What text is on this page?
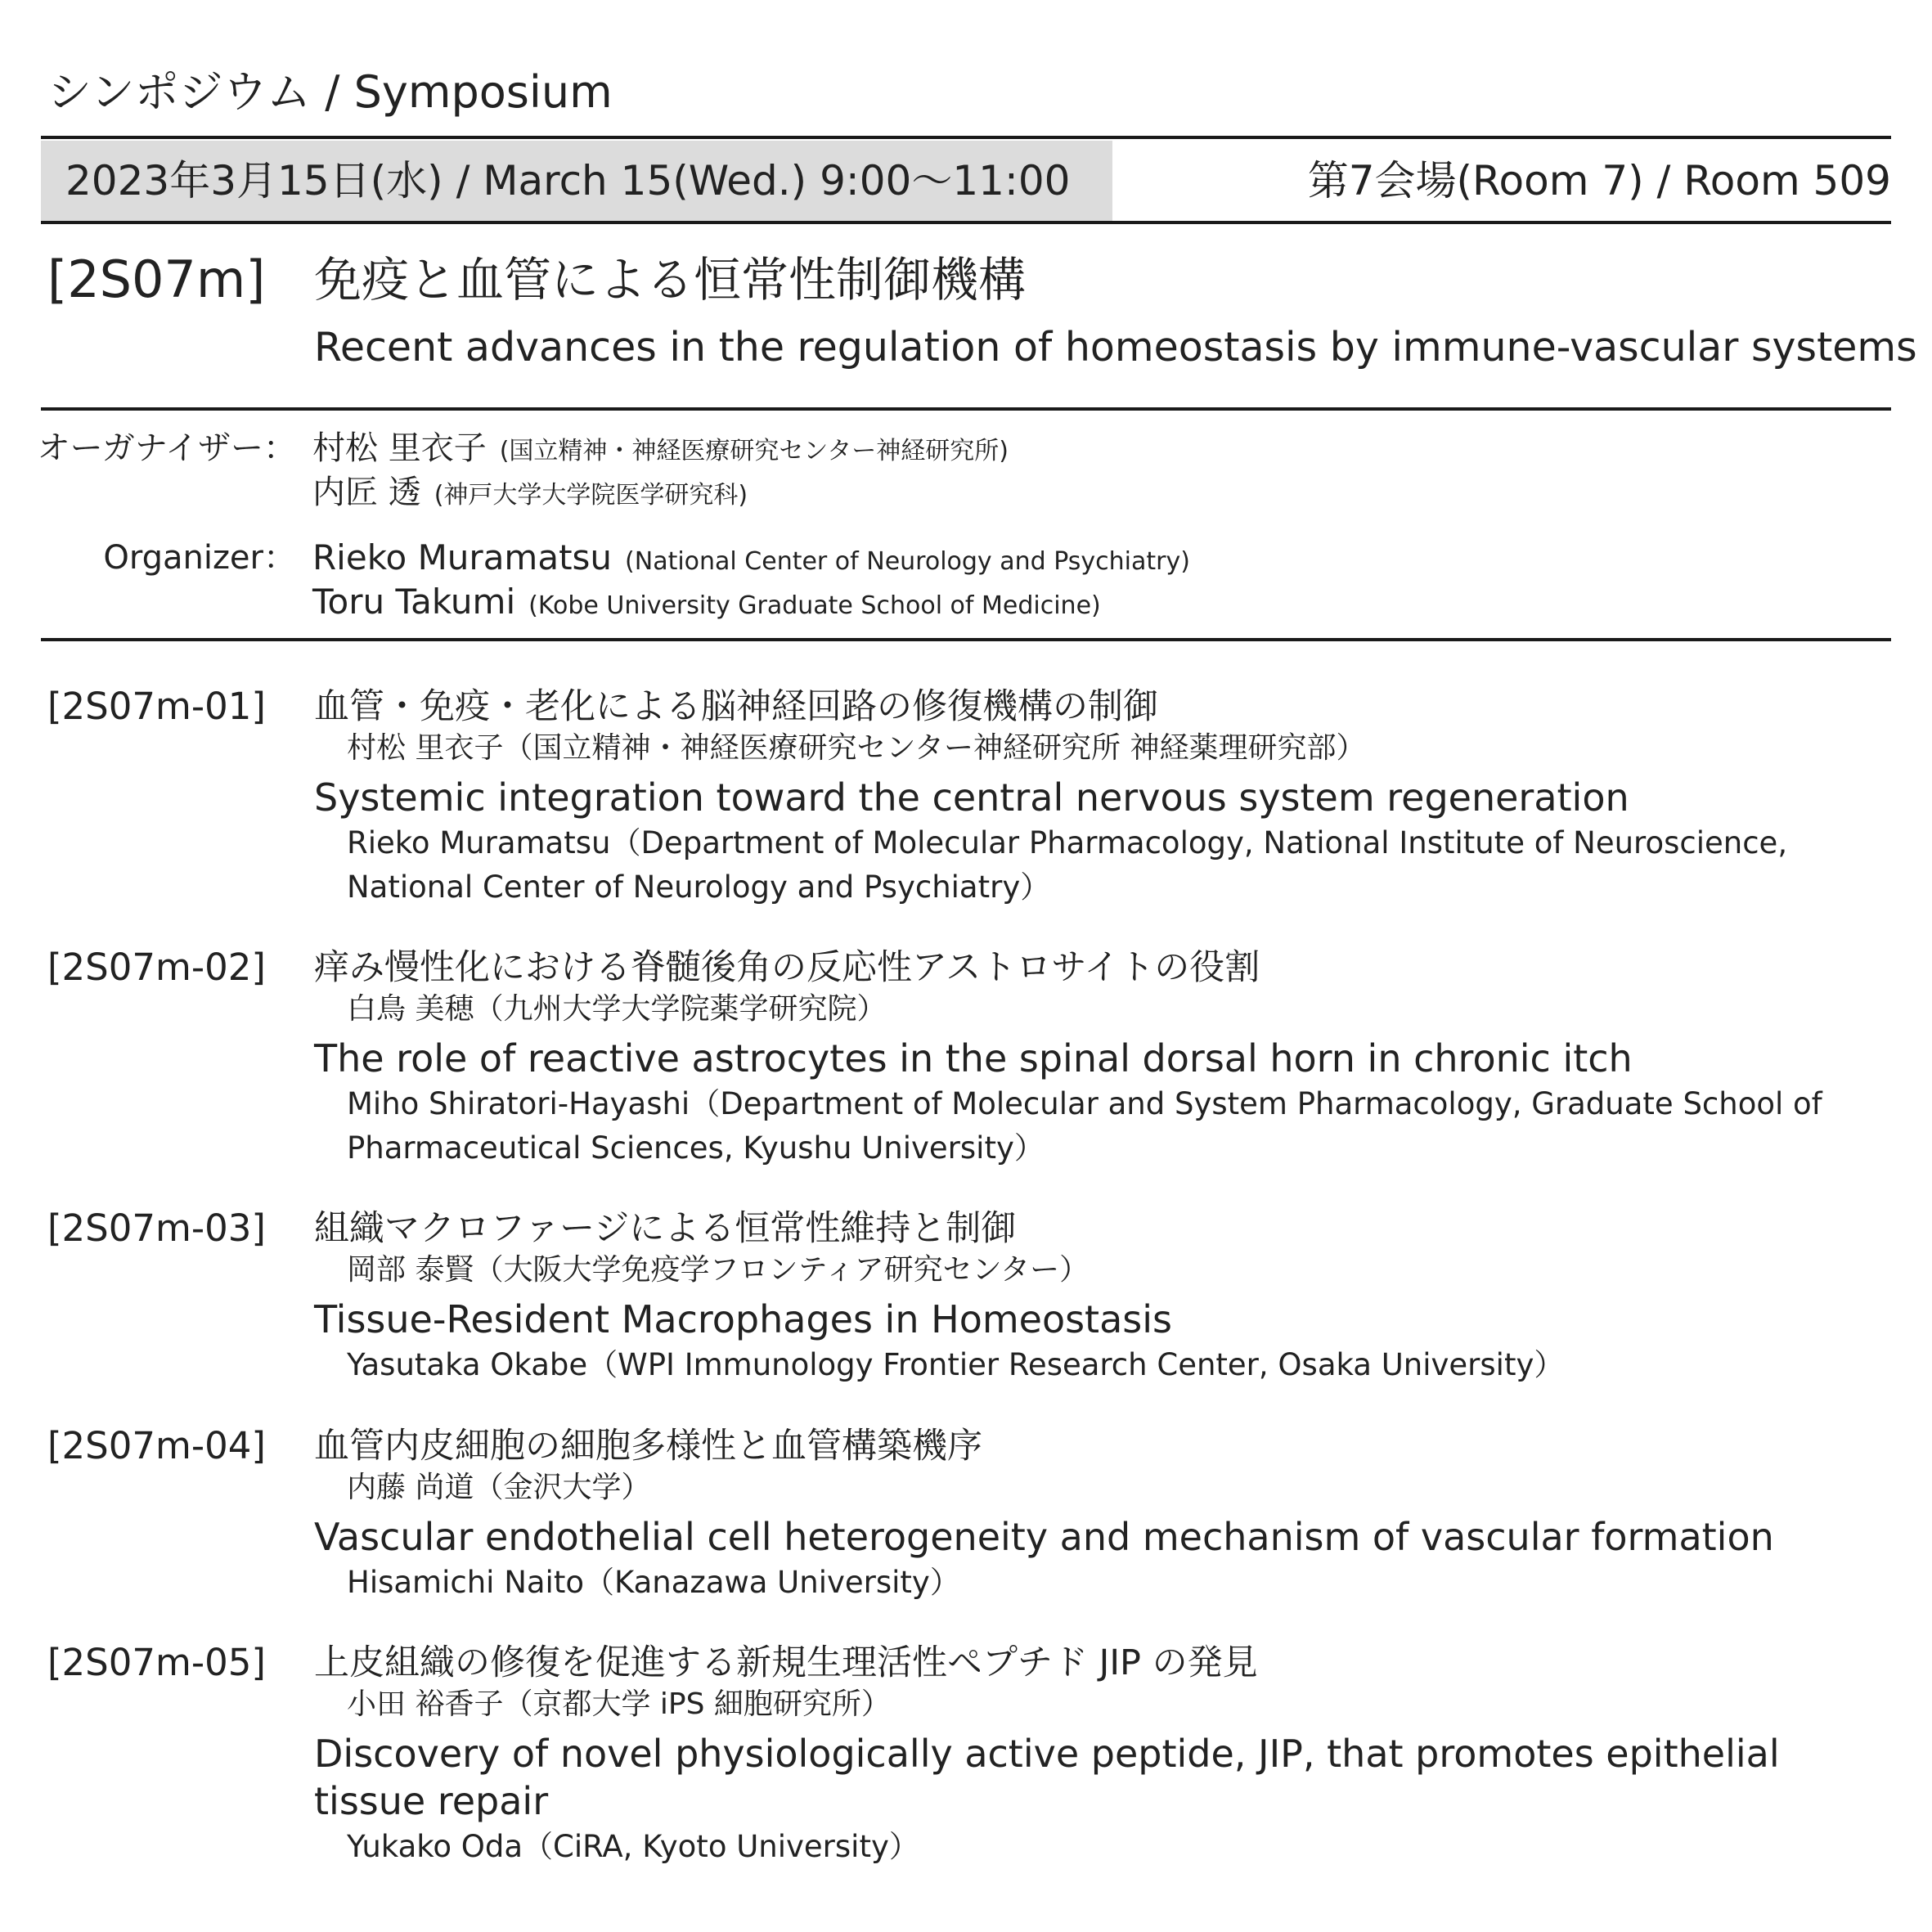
シンポジウム / Symposium
2023年3月15日(水) / March 15(Wed.) 9:00～11:00	第7会場(Room 7) / Room 509
[2S07m] 免疫と血管による恒常性制御機構
Recent advances in the regulation of homeostasis by immune-vascular systems
オーガナイザー： 村松 里衣子 (国立精神・神経医療研究センター神経研究所)
内匠 透 (神戸大学大学院医学研究科)
Organizer： Rieko Muramatsu (National Center of Neurology and Psychiatry)
Toru Takumi (Kobe University Graduate School of Medicine)
[2S07m-01] 血管・免疫・老化による脳神経回路の修復機構の制御
村松 里衣子（国立精神・神経医療研究センター神経研究所 神経薬理研究部）
Systemic integration toward the central nervous system regeneration
Rieko Muramatsu（Department of Molecular Pharmacology, National Institute of Neuroscience, National Center of Neurology and Psychiatry）
[2S07m-02] 痒み慢性化における脊髄後角の反応性アストロサイトの役割
白鳥 美穂（九州大学大学院薬学研究院）
The role of reactive astrocytes in the spinal dorsal horn in chronic itch
Miho Shiratori-Hayashi（Department of Molecular and System Pharmacology, Graduate School of Pharmaceutical Sciences, Kyushu University）
[2S07m-03] 組織マクロファージによる恒常性維持と制御
岡部 泰賢（大阪大学免疫学フロンティア研究センター）
Tissue-Resident Macrophages in Homeostasis
Yasutaka Okabe（WPI Immunology Frontier Research Center, Osaka University）
[2S07m-04] 血管内皮細胞の細胞多様性と血管構築機序
内藤 尚道（金沢大学）
Vascular endothelial cell heterogeneity and mechanism of vascular formation
Hisamichi Naito（Kanazawa University）
[2S07m-05] 上皮組織の修復を促進する新規生理活性ペプチド JIP の発見
小田 裕香子（京都大学 iPS 細胞研究所）
Discovery of novel physiologically active peptide, JIP, that promotes epithelial tissue repair
Yukako Oda（CiRA, Kyoto University）
